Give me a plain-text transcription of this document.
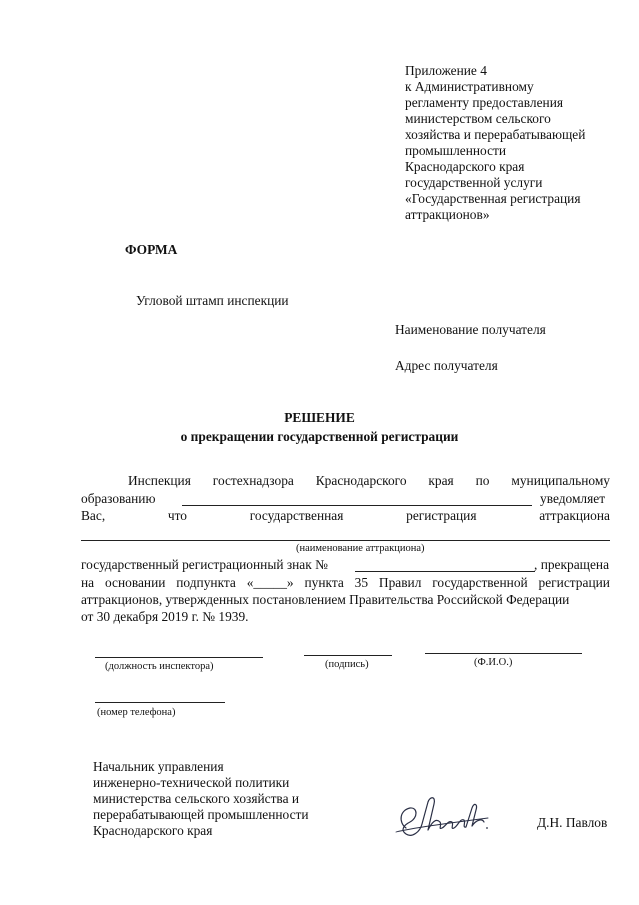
Приложение 4
к Административному
регламенту предоставления
министерством сельского
хозяйства и перерабатывающей
промышленности
Краснодарского края
государственной услуги
«Государственная регистрация
аттракционов»
ФОРМА
Угловой штамп инспекции
Наименование получателя
Адрес получателя
РЕШЕНИЕ
о прекращении государственной регистрации
Инспекция гостехнадзора Краснодарского края по муниципальному
образованию	уведомляет
Вас,	что	государственная	регистрация	аттракциона
(наименование аттракциона)
государственный регистрационный знак №	, прекращена
на основании подпункта «_____» пункта 35 Правил государственной регистрации
аттракционов, утвержденных постановлением Правительства Российской Федерации
от 30 декабря 2019 г. № 1939.
(должность инспектора)	(подпись)	(Ф.И.О.)
(номер телефона)
Начальник управления
инженерно-технической политики
министерства сельского хозяйства и
перерабатывающей промышленности
Краснодарского края
Д.Н. Павлов
